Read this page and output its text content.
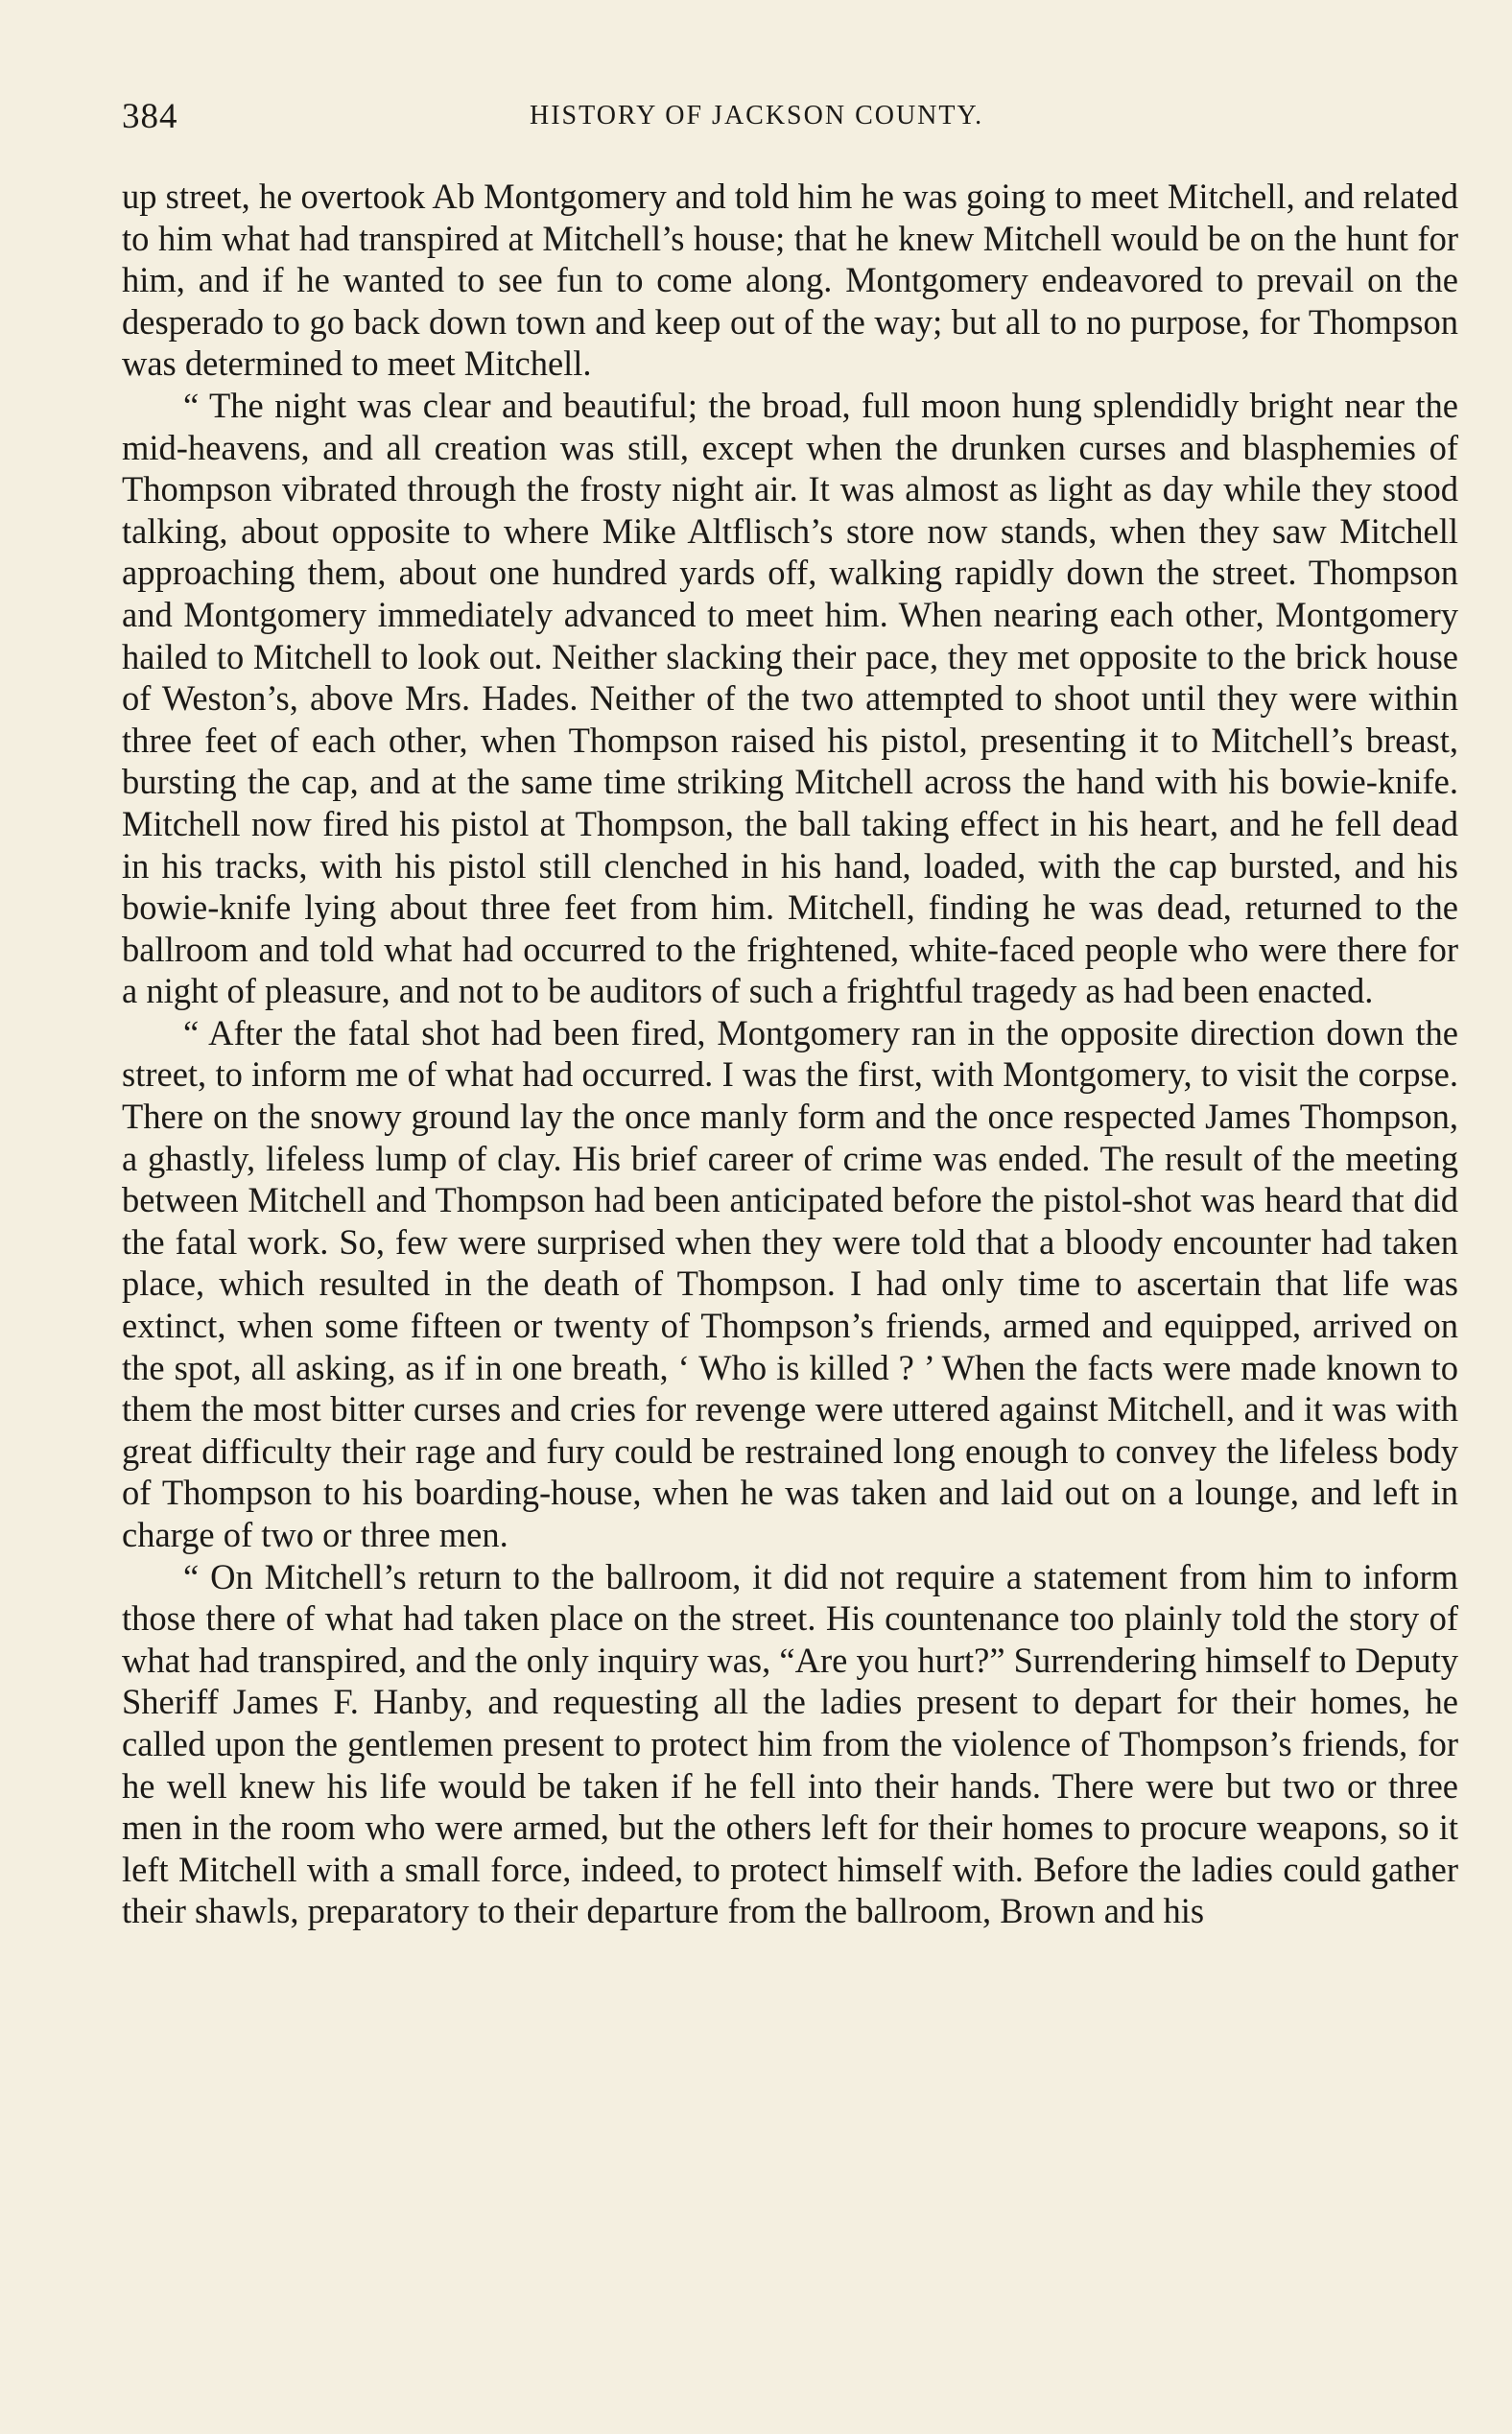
384	HISTORY OF JACKSON COUNTY.

up street, he overtook Ab Montgomery and told him he was going to meet Mitchell, and related to him what had transpired at Mitchell’s house; that he knew Mitchell would be on the hunt for him, and if he wanted to see fun to come along. Montgomery endeavored to prevail on the desperado to go back down town and keep out of the way; but all to no purpose, for Thompson was determined to meet Mitchell.

“ The night was clear and beautiful; the broad, full moon hung splendidly bright near the mid-heavens, and all creation was still, except when the drunken curses and blasphemies of Thompson vibrated through the frosty night air. It was almost as light as day while they stood talking, about opposite to where Mike Altflisch’s store now stands, when they saw Mitchell approaching them, about one hundred yards off, walking rapidly down the street. Thompson and Montgomery immediately advanced to meet him. When nearing each other, Montgomery hailed to Mitchell to look out. Neither slacking their pace, they met opposite to the brick house of Weston’s, above Mrs. Hades. Neither of the two attempted to shoot until they were within three feet of each other, when Thompson raised his pistol, presenting it to Mitchell’s breast, bursting the cap, and at the same time striking Mitchell across the hand with his bowie-knife. Mitchell now fired his pistol at Thompson, the ball taking effect in his heart, and he fell dead in his tracks, with his pistol still clenched in his hand, loaded, with the cap bursted, and his bowie-knife lying about three feet from him. Mitchell, finding he was dead, returned to the ballroom and told what had occurred to the frightened, white-faced people who were there for a night of pleasure, and not to be auditors of such a frightful tragedy as had been enacted.

“ After the fatal shot had been fired, Montgomery ran in the opposite direction down the street, to inform me of what had occurred. I was the first, with Montgomery, to visit the corpse. There on the snowy ground lay the once manly form and the once respected James Thompson, a ghastly, lifeless lump of clay. His brief career of crime was ended. The result of the meeting between Mitchell and Thompson had been anticipated before the pistol-shot was heard that did the fatal work. So, few were surprised when they were told that a bloody encounter had taken place, which resulted in the death of Thompson. I had only time to ascertain that life was extinct, when some fifteen or twenty of Thompson’s friends, armed and equipped, arrived on the spot, all asking, as if in one breath, ‘ Who is killed ? ’ When the facts were made known to them the most bitter curses and cries for revenge were uttered against Mitchell, and it was with great difficulty their rage and fury could be restrained long enough to convey the lifeless body of Thompson to his boarding-house, when he was taken and laid out on a lounge, and left in charge of two or three men.

“ On Mitchell’s return to the ballroom, it did not require a statement from him to inform those there of what had taken place on the street. His countenance too plainly told the story of what had transpired, and the only inquiry was, “Are you hurt?” Surrendering himself to Deputy Sheriff James F. Hanby, and requesting all the ladies present to depart for their homes, he called upon the gentlemen present to protect him from the violence of Thompson’s friends, for he well knew his life would be taken if he fell into their hands. There were but two or three men in the room who were armed, but the others left for their homes to procure weapons, so it left Mitchell with a small force, indeed, to protect himself with. Before the ladies could gather their shawls, preparatory to their departure from the ballroom, Brown and his
